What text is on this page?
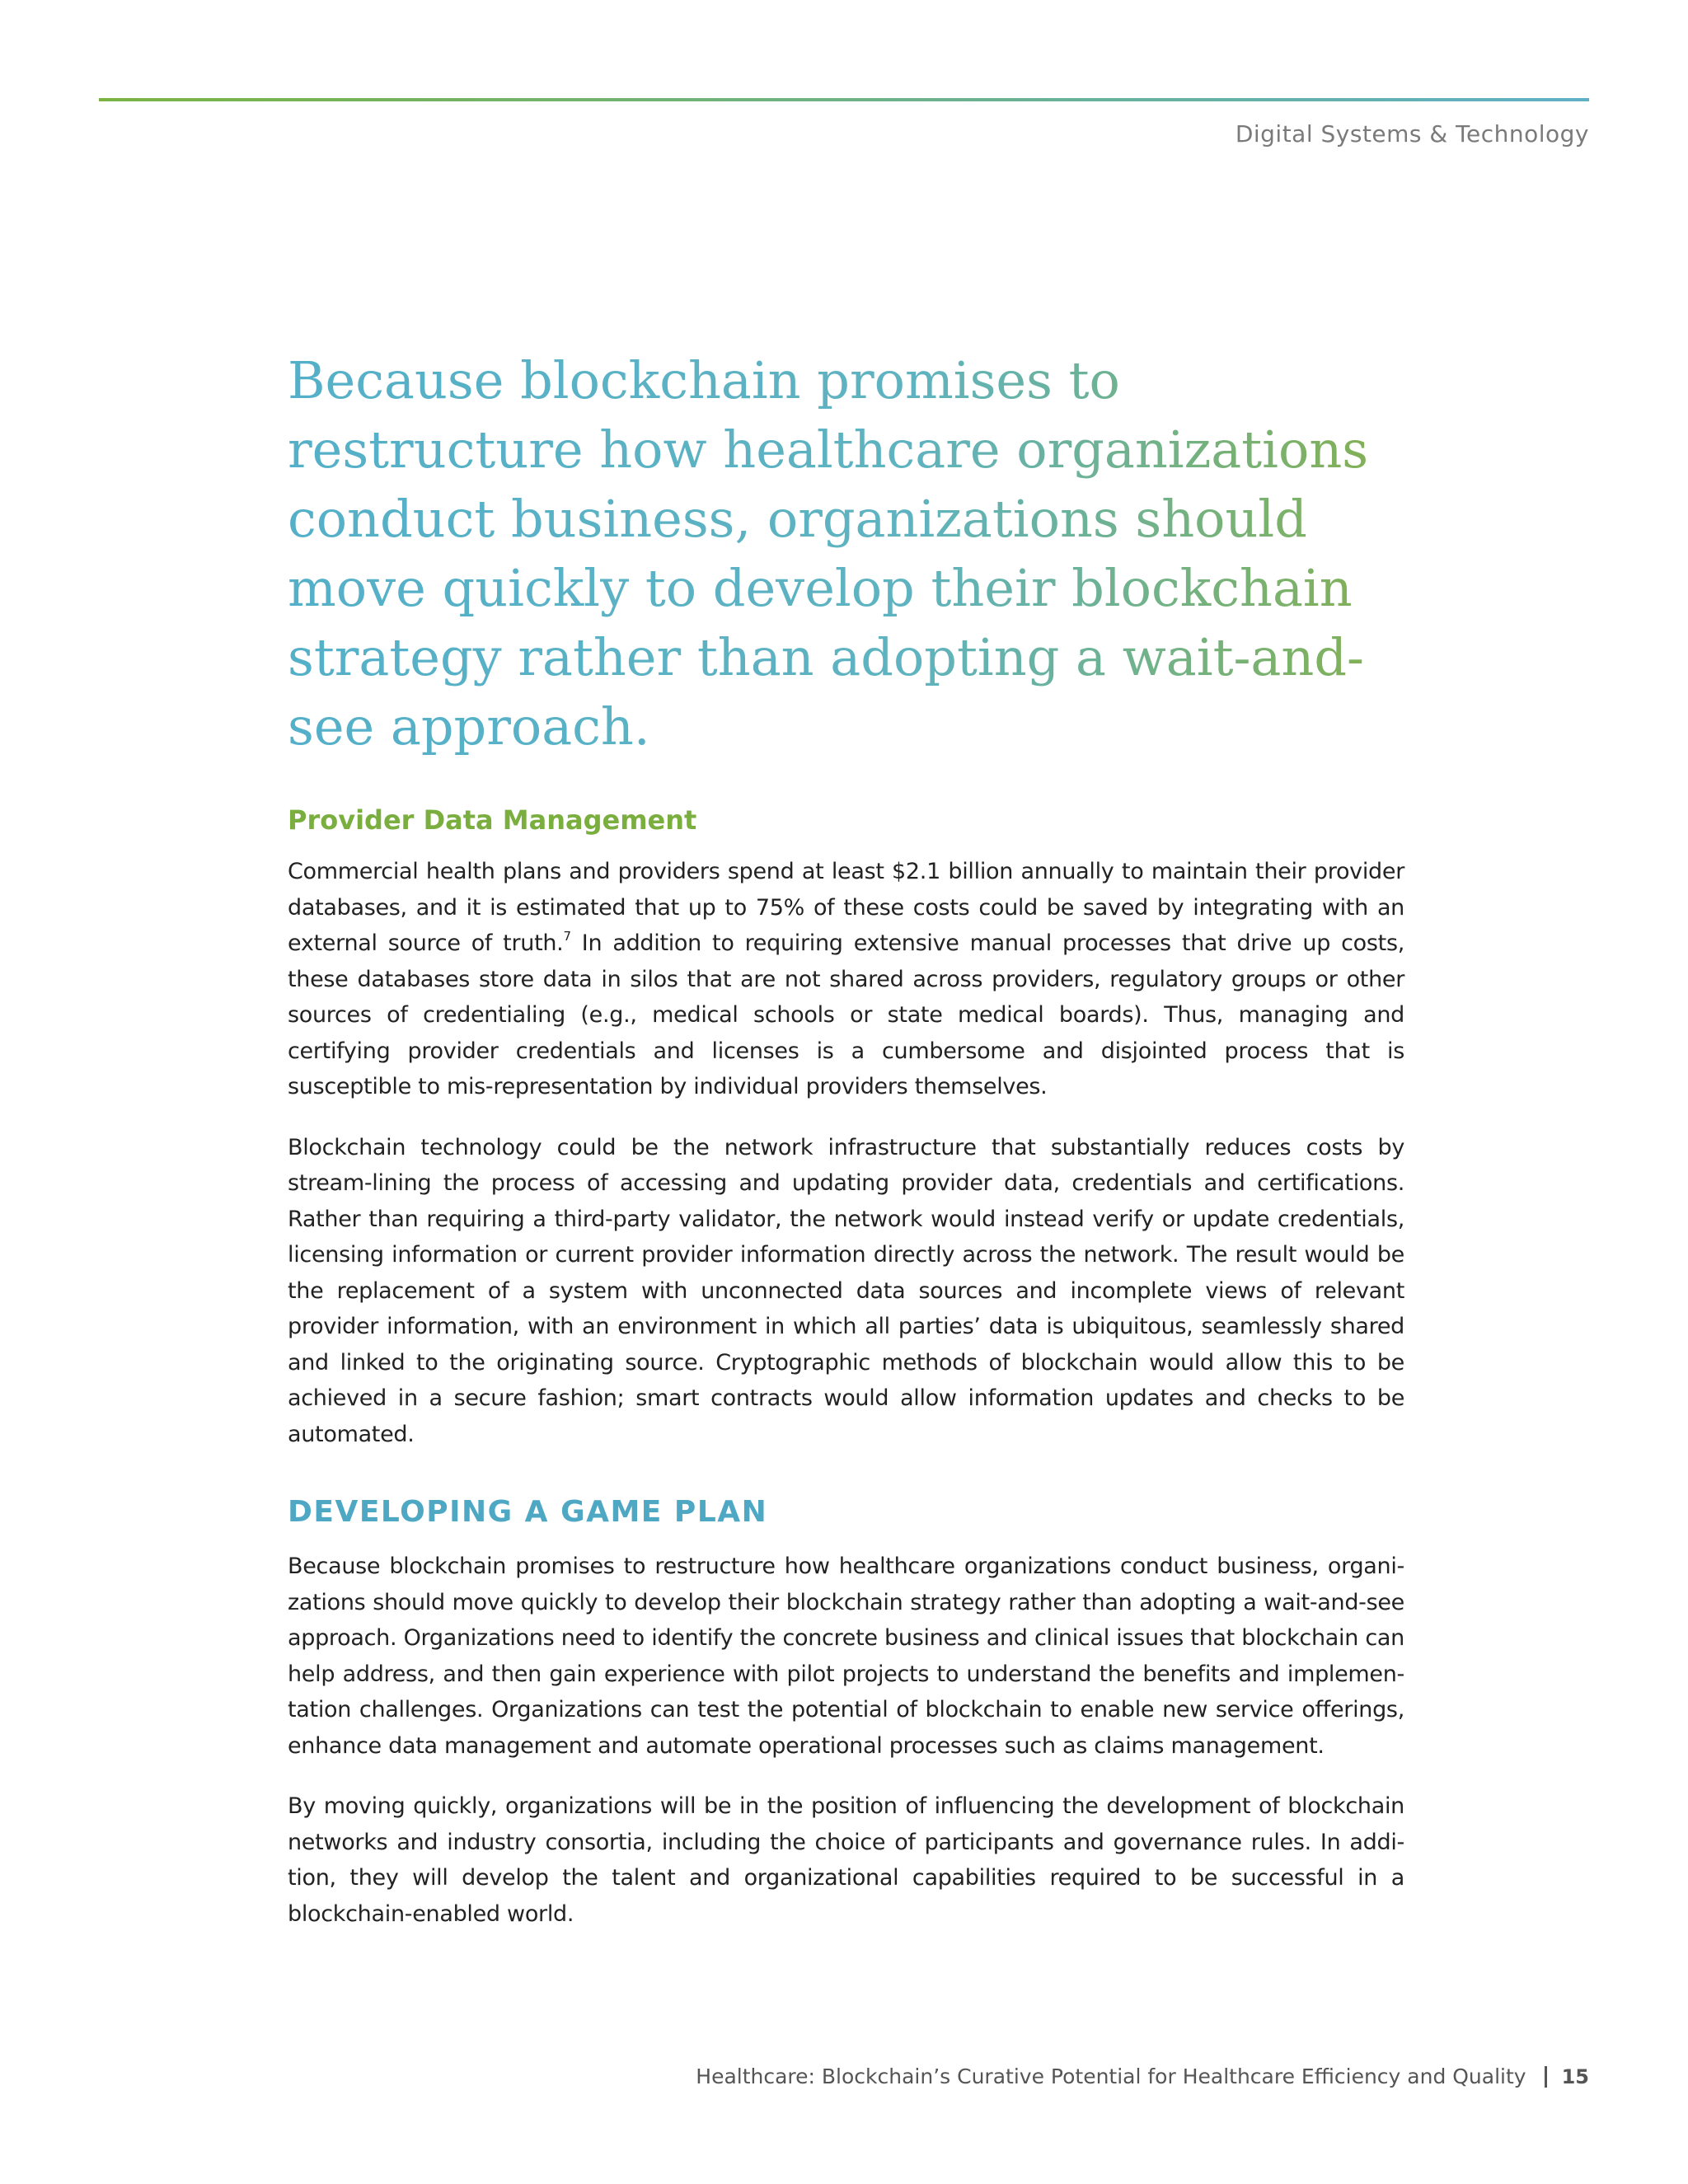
Digital Systems & Technology
Because blockchain promises to restructure how healthcare organizations conduct business, organizations should move quickly to develop their blockchain strategy rather than adopting a wait-and-see approach.
Provider Data Management

Commercial health plans and providers spend at least $2.1 billion annually to maintain their provider databases, and it is estimated that up to 75% of these costs could be saved by integrating with an external source of truth.$^7$ In addition to requiring extensive manual processes that drive up costs, these databases store data in silos that are not shared across providers, regulatory groups or other sources of credentialing (e.g., medical schools or state medical boards). Thus, managing and certifying provider credentials and licenses is a cumbersome and disjointed process that is susceptible to mis-representation by individual providers themselves.

Blockchain technology could be the network infrastructure that substantially reduces costs by stream-lining the process of accessing and updating provider data, credentials and certifications. Rather than requiring a third-party validator, the network would instead verify or update credentials, licensing information or current provider information directly across the network. The result would be the replacement of a system with unconnected data sources and incomplete views of relevant provider information, with an environment in which all parties’ data is ubiquitous, seamlessly shared and linked to the originating source. Cryptographic methods of blockchain would allow this to be achieved in a secure fashion; smart contracts would allow information updates and checks to be automated.

DEVELOPING A GAME PLAN

Because blockchain promises to restructure how healthcare organizations conduct business, organi-zations should move quickly to develop their blockchain strategy rather than adopting a wait-and-see approach. Organizations need to identify the concrete business and clinical issues that blockchain can help address, and then gain experience with pilot projects to understand the benefits and implemen-tation challenges. Organizations can test the potential of blockchain to enable new service offerings, enhance data management and automate operational processes such as claims management.

By moving quickly, organizations will be in the position of influencing the development of blockchain networks and industry consortia, including the choice of participants and governance rules. In addi-tion, they will develop the talent and organizational capabilities required to be successful in a blockchain-enabled world.

Healthcare: Blockchain’s Curative Potential for Healthcare Efficiency and Quality 15
